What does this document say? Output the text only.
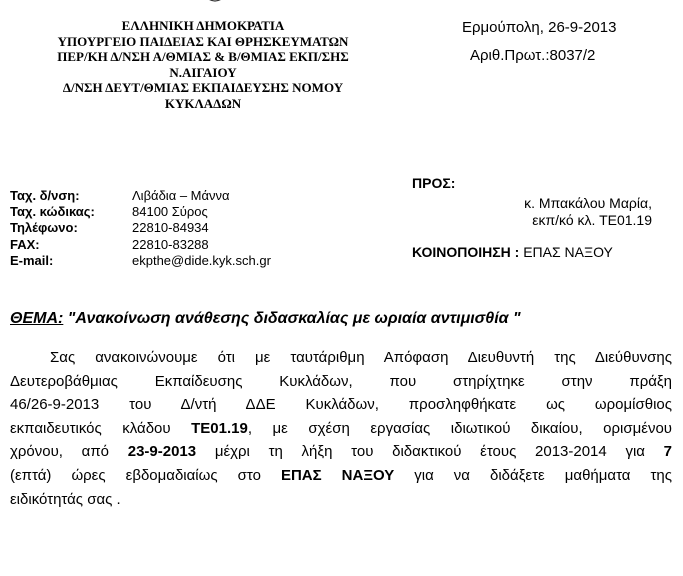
ΕΛΛΗΝΙΚΗ ΔΗΜΟΚΡΑΤΙΑ
ΥΠΟΥΡΓΕΙΟ ΠΑΙΔΕΙΑΣ ΚΑΙ ΘΡΗΣΚΕΥΜΑΤΩΝ
ΠΕΡ/ΚΗ Δ/ΝΣΗ Α/ΘΜΙΑΣ & Β/ΘΜΙΑΣ ΕΚΠ/ΣΗΣ
Ν.ΑΙΓΑΙΟΥ
Δ/ΝΣΗ ΔΕΥΤ/ΘΜΙΑΣ ΕΚΠΑΙΔΕΥΣΗΣ ΝΟΜΟΥ
ΚΥΚΛΑΔΩΝ
Ερμούπολη, 26-9-2013
Αριθ.Πρωτ.:8037/2
Ταχ. δ/νση:	Λιβάδια – Μάννα
Ταχ. κώδικας:	84100 Σύρος
Τηλέφωνο:	22810-84934
FAX:	22810-83288
E-mail:	ekpthe@dide.kyk.sch.gr
ΠΡΟΣ:
κ. Μπακάλου Μαρία,
εκπ/κό κλ. ΤΕ01.19
ΚΟΙΝΟΠΟΙΗΣΗ : ΕΠΑΣ ΝΑΞΟΥ
ΘΕΜΑ: "Ανακοίνωση ανάθεσης διδασκαλίας με ωριαία αντιμισθία "
Σας ανακοινώνουμε ότι με ταυτάριθμη Απόφαση Διευθυντή της Διεύθυνσης
Δευτεροβάθμιας Εκπαίδευσης Κυκλάδων, που στηρίχτηκε στην πράξη
46/26-9-2013 του Δ/ντή ΔΔΕ Κυκλάδων, προσληφθήκατε ως ωρομίσθιος
εκπαιδευτικός κλάδου ΤΕ01.19, με σχέση εργασίας ιδιωτικού δικαίου, ορισμένου
χρόνου, από 23-9-2013 μέχρι τη λήξη του διδακτικού έτους 2013-2014 για 7
(επτά) ώρες εβδομαδιαίως στο ΕΠΑΣ ΝΑΞΟΥ για να διδάξετε μαθήματα της
ειδικότητάς σας .
